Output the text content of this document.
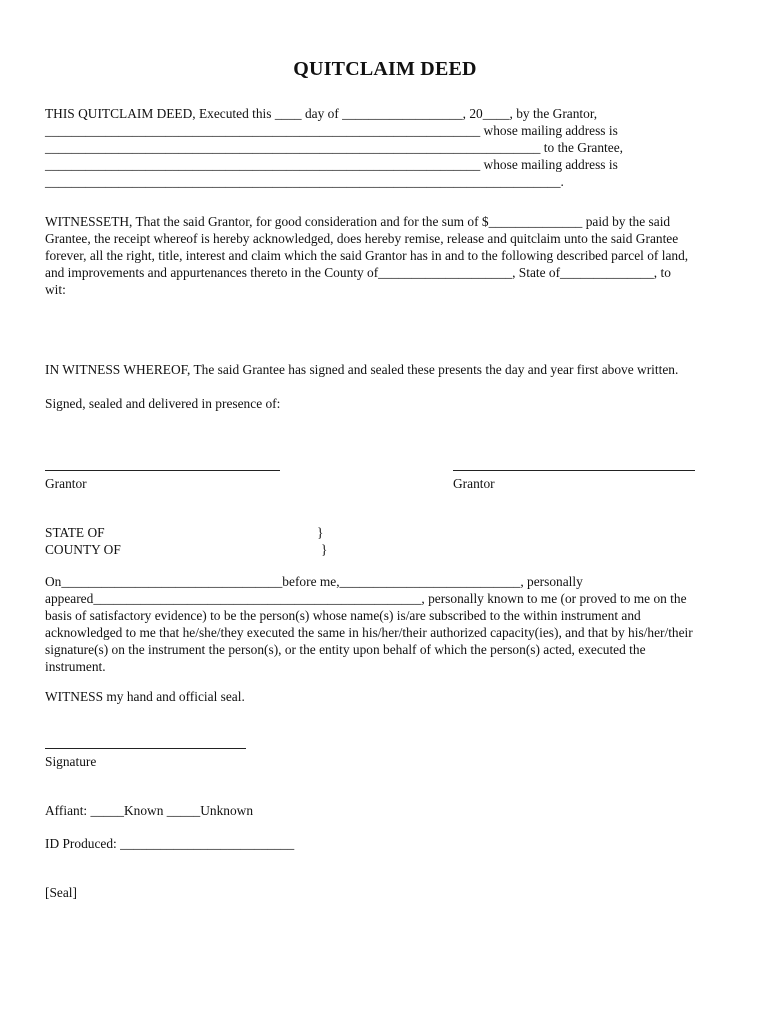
QUITCLAIM DEED
THIS QUITCLAIM DEED, Executed this ____ day of __________________, 20____, by the Grantor,
_________________________________________________________________ whose mailing address is
__________________________________________________________________________ to the Grantee,
_________________________________________________________________ whose mailing address is
_____________________________________________________________________________.
WITNESSETH, That the said Grantor, for good consideration and for the sum of $______________ paid by the said
Grantee, the receipt whereof is hereby acknowledged, does hereby remise, release and quitclaim unto the said Grantee
forever, all the right, title, interest and claim which the said Grantor has in and to the following described parcel of land,
and improvements and appurtenances thereto in the County of____________________, State of______________, to
wit:
IN WITNESS WHEREOF, The said Grantee has signed and sealed these presents the day and year first above written.
Signed, sealed and delivered in presence of:
Grantor	Grantor
STATE OF	}
COUNTY OF	}
On_________________________________before me,___________________________, personally
appeared_________________________________________________, personally known to me (or proved to me on the
basis of satisfactory evidence) to be the person(s) whose name(s) is/are subscribed to the within instrument and
acknowledged to me that he/she/they executed the same in his/her/their authorized capacity(ies), and that by his/her/their
signature(s) on the instrument the person(s), or the entity upon behalf of which the person(s) acted, executed the
instrument.
WITNESS my hand and official seal.
Signature
Affiant: _____Known _____Unknown
ID Produced: __________________________
[Seal]
